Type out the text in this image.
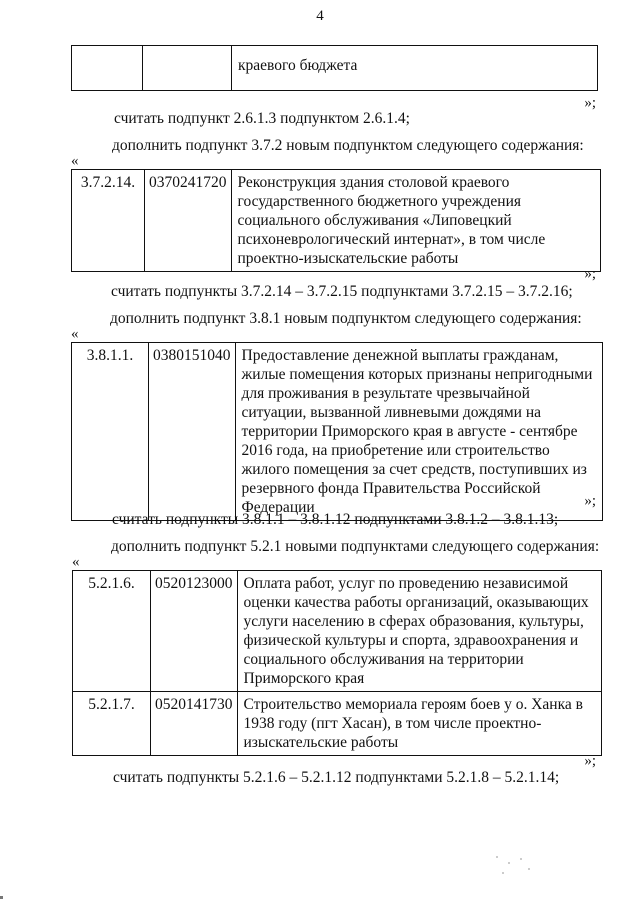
4
		краевого бюджета
»;
считать подпункт 2.6.1.3 подпунктом 2.6.1.4;
дополнить подпункт 3.7.2 новым подпунктом следующего содержания:
«
3.7.2.14.	0370241720	Реконструкция здания столовой краевого государственного бюджетного учреждения социального обслуживания «Липовецкий психоневрологический интернат», в том числе проектно-изыскательские работы
»;
считать подпункты 3.7.2.14 – 3.7.2.15 подпунктами 3.7.2.15 – 3.7.2.16;
дополнить подпункт 3.8.1 новым подпунктом следующего содержания:
«
3.8.1.1.	0380151040	Предоставление денежной выплаты гражданам, жилые помещения которых признаны непригодными для проживания в результате чрезвычайной ситуации, вызванной ливневыми дождями на территории Приморского края в августе - сентябре 2016 года, на приобретение или строительство жилого помещения за счет средств, поступивших из резервного фонда Правительства Российской Федерации	»;
считать подпункты 3.8.1.1 – 3.8.1.12 подпунктами 3.8.1.2 – 3.8.1.13;
дополнить подпункт 5.2.1 новыми подпунктами следующего содержания:
«
5.2.1.6.	0520123000	Оплата работ, услуг по проведению независимой оценки качества работы организаций, оказывающих услуги населению в сферах образования, культуры, физической культуры и спорта, здравоохранения и социального обслуживания на территории Приморского края
5.2.1.7.	0520141730	Строительство мемориала героям боев у о. Ханка в 1938 году (пгт Хасан), в том числе проектно-изыскательские работы
»;
считать подпункты 5.2.1.6 – 5.2.1.12 подпунктами 5.2.1.8 – 5.2.1.14;
